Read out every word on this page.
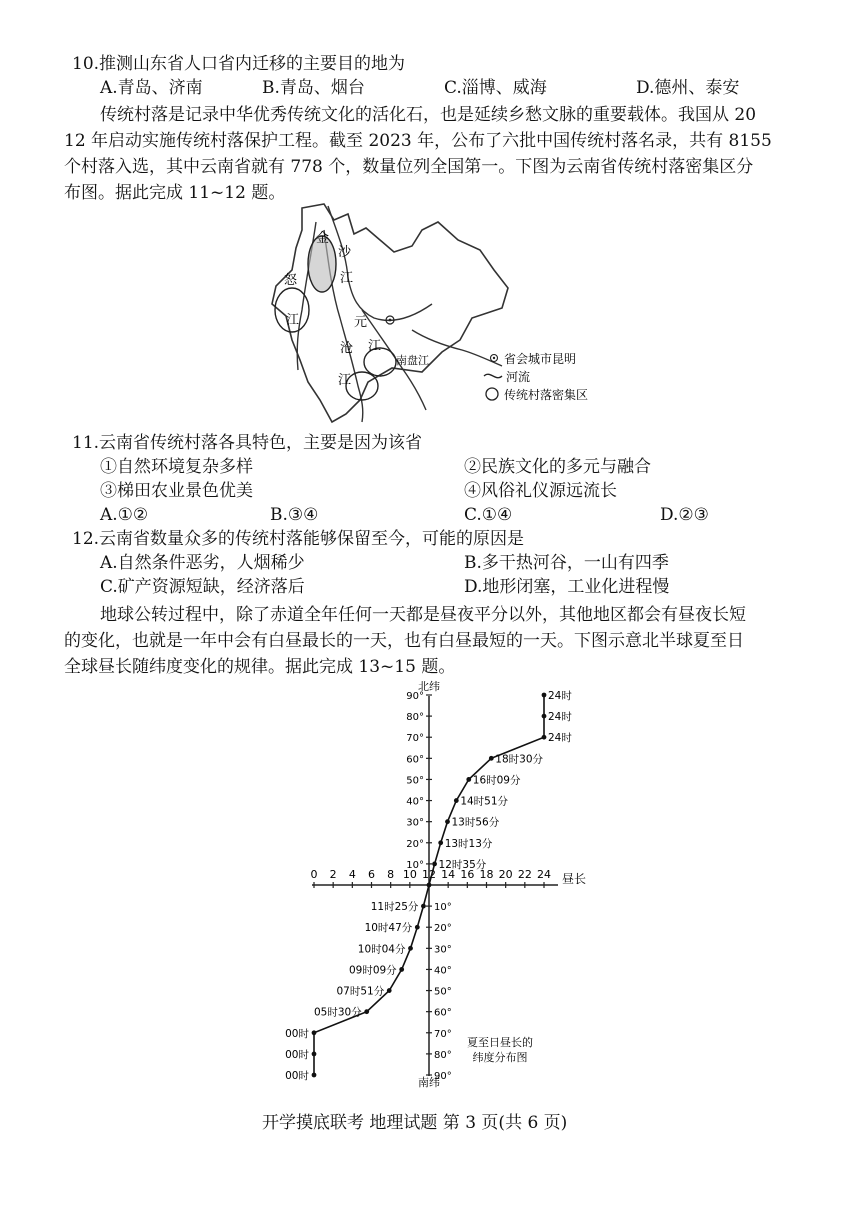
10.推测山东省人口省内迁移的主要目的地为
A.青岛、济南	B.青岛、烟台	C.淄博、威海	D.德州、泰安
传统村落是记录中华优秀传统文化的活化石，也是延续乡愁文脉的重要载体。我国从 20
12 年启动实施传统村落保护工程。截至 2023 年，公布了六批中国传统村落名录，共有 8155
个村落入选，其中云南省就有 778 个，数量位列全国第一。下图为云南省传统村落密集区分
布图。据此完成 11~12 题。
金
沙
江
怒
江	元
沧 江
江
南盘江	省会城市昆明
河流
传统村落密集区
11.云南省传统村落各具特色，主要是因为该省
①自然环境复杂多样	②民族文化的多元与融合
③梯田农业景色优美	④风俗礼仪源远流长
A.①②	B.③④	C.①④	D.②③
12.云南省数量众多的传统村落能够保留至今，可能的原因是
A.自然条件恶劣，人烟稀少	B.多干热河谷，一山有四季
C.矿产资源短缺，经济落后	D.地形闭塞，工业化进程慢
地球公转过程中，除了赤道全年任何一天都是昼夜平分以外，其他地区都会有昼夜长短
的变化，也就是一年中会有白昼最长的一天，也有白昼最短的一天。下图示意北半球夏至日
全球昼长随纬度变化的规律。据此完成 13~15 题。
北纬
南纬
昼长
夏至日昼长的
纬度分布图
0 2 4 6 8 10 12 14 16 18 20 22 24
10°
20°
30°
40°
50°
60°
70°
80°
90°
10°
20°
30°
40°
50°
60°
70°
80°
90°
24时
24时
24时
18时30分
16时09分
14时51分
13时56分
13时13分
12时35分
11时25分
10时47分
10时04分
09时09分
07时51分
05时30分
00时
00时
00时
开学摸底联考 地理试题 第 3 页(共 6 页)
